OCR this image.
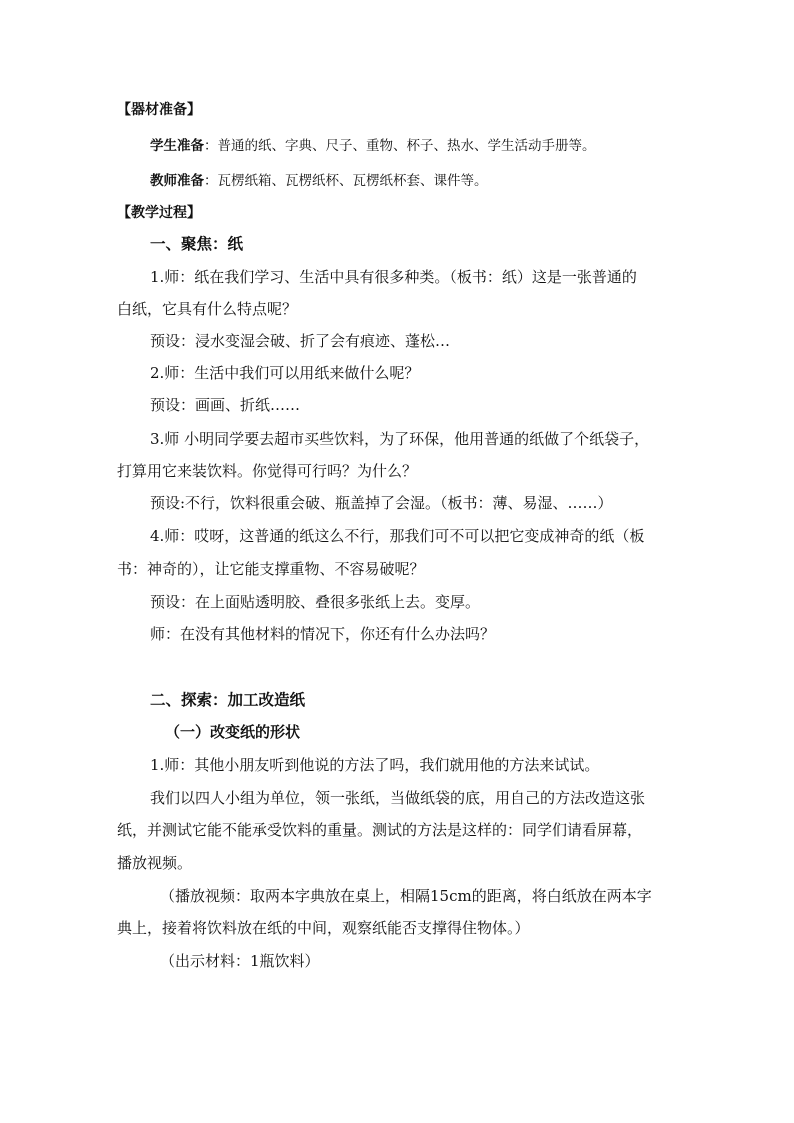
【器材准备】
学生准备：普通的纸、字典、尺子、重物、杯子、热水、学生活动手册等。
教师准备：瓦楞纸箱、瓦楞纸杯、瓦楞纸杯套、课件等。
【教学过程】
一、聚焦：纸
1.师：纸在我们学习、生活中具有很多种类。（板书：纸）这是一张普通的
白纸，它具有什么特点呢？
预设：浸水变湿会破、折了会有痕迹、蓬松…
2.师：生活中我们可以用纸来做什么呢？
预设：画画、折纸……
3.师 小明同学要去超市买些饮料，为了环保，他用普通的纸做了个纸袋子，
打算用它来装饮料。你觉得可行吗？为什么？
预设:不行，饮料很重会破、瓶盖掉了会湿。（板书：薄、易湿、……）
4.师：哎呀，这普通的纸这么不行，那我们可不可以把它变成神奇的纸（板
书：神奇的），让它能支撑重物、不容易破呢？
预设：在上面贴透明胶、叠很多张纸上去。变厚。
师：在没有其他材料的情况下，你还有什么办法吗？
二、探索：加工改造纸
（一）改变纸的形状
1.师：其他小朋友听到他说的方法了吗，我们就用他的方法来试试。
我们以四人小组为单位，领一张纸，当做纸袋的底，用自己的方法改造这张
纸，并测试它能不能承受饮料的重量。测试的方法是这样的：同学们请看屏幕，
播放视频。
（播放视频：取两本字典放在桌上，相隔15cm的距离，将白纸放在两本字
典上，接着将饮料放在纸的中间，观察纸能否支撑得住物体。）
（出示材料：1瓶饮料）
